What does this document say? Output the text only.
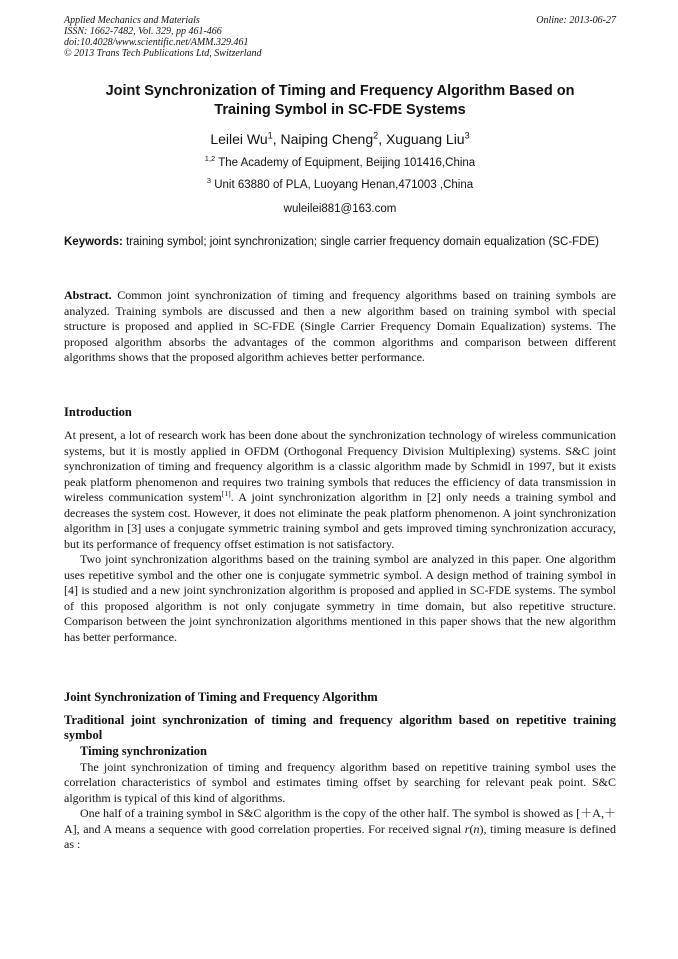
Applied Mechanics and Materials
ISSN: 1662-7482, Vol. 329, pp 461-466
doi:10.4028/www.scientific.net/AMM.329.461
© 2013 Trans Tech Publications Ltd, Switzerland
Online: 2013-06-27
Joint Synchronization of Timing and Frequency Algorithm Based on
Training Symbol in SC-FDE Systems
Leilei Wu$^1$, Naiping Cheng$^2$, Xuguang Liu$^3$
$^{1,2}$ The Academy of Equipment, Beijing 101416,China
$^3$ Unit 63880 of PLA, Luoyang Henan,471003 ,China
wuleilei881@163.com
Keywords: training symbol; joint synchronization; single carrier frequency domain equalization (SC-FDE)
Abstract. Common joint synchronization of timing and frequency algorithms based on training symbols are analyzed. Training symbols are discussed and then a new algorithm based on training symbol with special structure is proposed and applied in SC-FDE (Single Carrier Frequency Domain Equalization) systems. The proposed algorithm absorbs the advantages of the common algorithms and comparison between different algorithms shows that the proposed algorithm achieves better performance.
Introduction

At present, a lot of research work has been done about the synchronization technology of wireless communication systems, but it is mostly applied in OFDM (Orthogonal Frequency Division Multiplexing) systems. S&C joint synchronization of timing and frequency algorithm is a classic algorithm made by Schmidl in 1997, but it exists peak platform phenomenon and requires two training symbols that reduces the efficiency of data transmission in wireless communication system[1]. A joint synchronization algorithm in [2] only needs a training symbol and decreases the system cost. However, it does not eliminate the peak platform phenomenon. A joint synchronization algorithm in [3] uses a conjugate symmetric training symbol and gets improved timing synchronization accuracy, but its performance of frequency offset estimation is not satisfactory.

Two joint synchronization algorithms based on the training symbol are analyzed in this paper. One algorithm uses repetitive symbol and the other one is conjugate symmetric symbol. A design method of training symbol in [4] is studied and a new joint synchronization algorithm is proposed and applied in SC-FDE systems. The symbol of this proposed algorithm is not only conjugate symmetry in time domain, but also repetitive structure. Comparison between the joint synchronization algorithms mentioned in this paper shows that the new algorithm has better performance.

Joint Synchronization of Timing and Frequency Algorithm
Traditional joint synchronization of timing and frequency algorithm based on repetitive training symbol
Timing synchronization

The joint synchronization of timing and frequency algorithm based on repetitive training symbol uses the correlation characteristics of symbol and estimates timing offset by searching for relevant peak point. S&C algorithm is typical of this kind of algorithms.

One half of a training symbol in S&C algorithm is the copy of the other half. The symbol is showed as [＋A,＋A], and A means a sequence with good correlation properties. For received signal r(n), timing measure is defined as :
